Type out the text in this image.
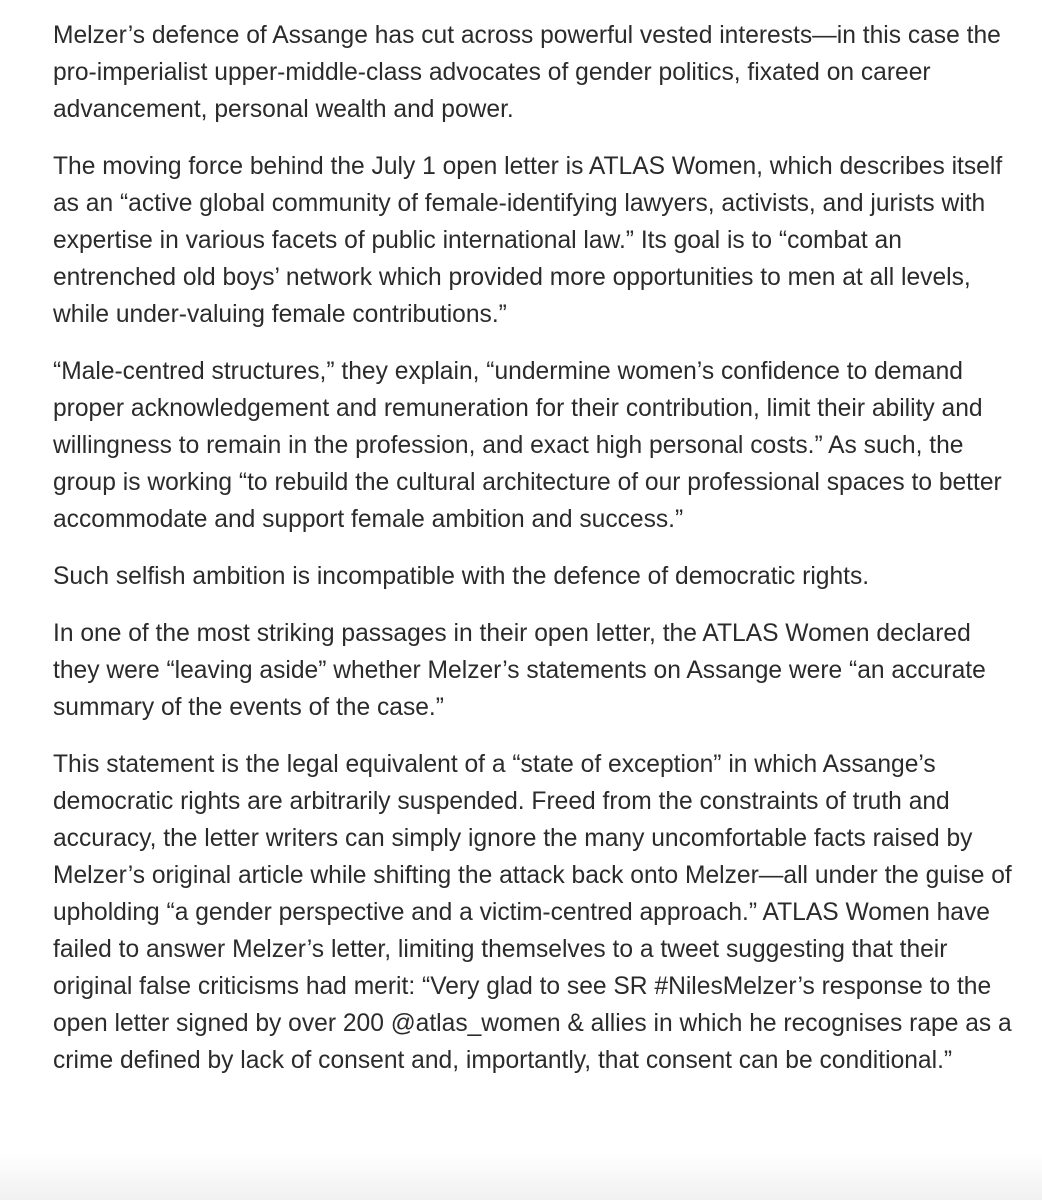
Melzer’s defence of Assange has cut across powerful vested interests—in this case the pro-imperialist upper-middle-class advocates of gender politics, fixated on career advancement, personal wealth and power.

The moving force behind the July 1 open letter is ATLAS Women, which describes itself as an “active global community of female-identifying lawyers, activists, and jurists with expertise in various facets of public international law.” Its goal is to “combat an entrenched old boys’ network which provided more opportunities to men at all levels, while under-valuing female contributions.”

“Male-centred structures,” they explain, “undermine women’s confidence to demand proper acknowledgement and remuneration for their contribution, limit their ability and willingness to remain in the profession, and exact high personal costs.” As such, the group is working “to rebuild the cultural architecture of our professional spaces to better accommodate and support female ambition and success.”

Such selfish ambition is incompatible with the defence of democratic rights.

In one of the most striking passages in their open letter, the ATLAS Women declared they were “leaving aside” whether Melzer’s statements on Assange were “an accurate summary of the events of the case.”

This statement is the legal equivalent of a “state of exception” in which Assange’s democratic rights are arbitrarily suspended. Freed from the constraints of truth and accuracy, the letter writers can simply ignore the many uncomfortable facts raised by Melzer’s original article while shifting the attack back onto Melzer—all under the guise of upholding “a gender perspective and a victim-centred approach.” ATLAS Women have failed to answer Melzer’s letter, limiting themselves to a tweet suggesting that their original false criticisms had merit: “Very glad to see SR #NilesMelzer’s response to the open letter signed by over 200 @atlas_women & allies in which he recognises rape as a crime defined by lack of consent and, importantly, that consent can be conditional.”
